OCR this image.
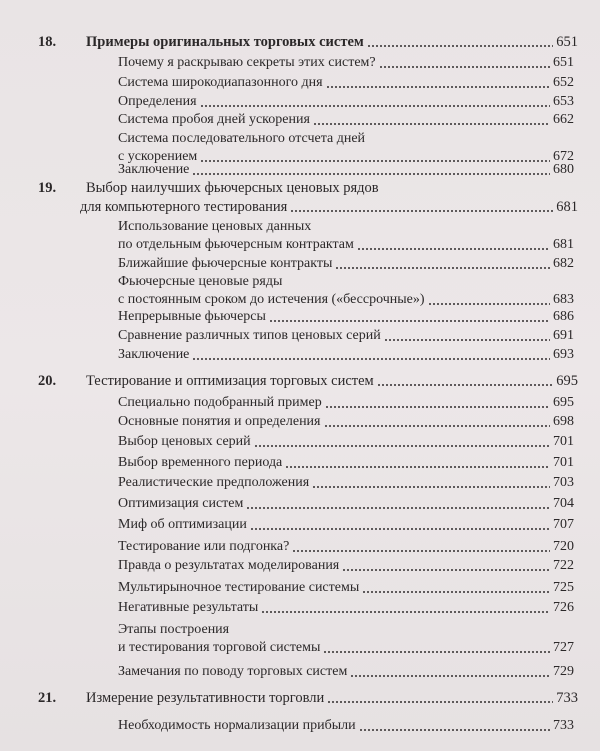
18.	Примеры оригинальных торговых систем	651
Почему я раскрываю секреты этих систем?	651
Система широкодиапазонного дня	652
Определения	653
Система пробоя дней ускорения	662
Система последовательного отсчета дней
с ускорением	672
Заключение	680
19.	Выбор наилучших фьючерсных ценовых рядов
для компьютерного тестирования	681
Использование ценовых данных
по отдельным фьючерсным контрактам	681
Ближайшие фьючерсные контракты	682
Фьючерсные ценовые ряды
с постоянным сроком до истечения («бессрочные»)	683
Непрерывные фьючерсы	686
Сравнение различных типов ценовых серий	691
Заключение	693
20.	Тестирование и оптимизация торговых систем	695
Специально подобранный пример	695
Основные понятия и определения	698
Выбор ценовых серий	701
Выбор временного периода	701
Реалистические предположения	703
Оптимизация систем	704
Миф об оптимизации	707
Тестирование или подгонка?	720
Правда о результатах моделирования	722
Мультирыночное тестирование системы	725
Негативные результаты	726
Этапы построения
и тестирования торговой системы	727
Замечания по поводу торговых систем	729
21.	Измерение результативности торговли	733
Необходимость нормализации прибыли	733
